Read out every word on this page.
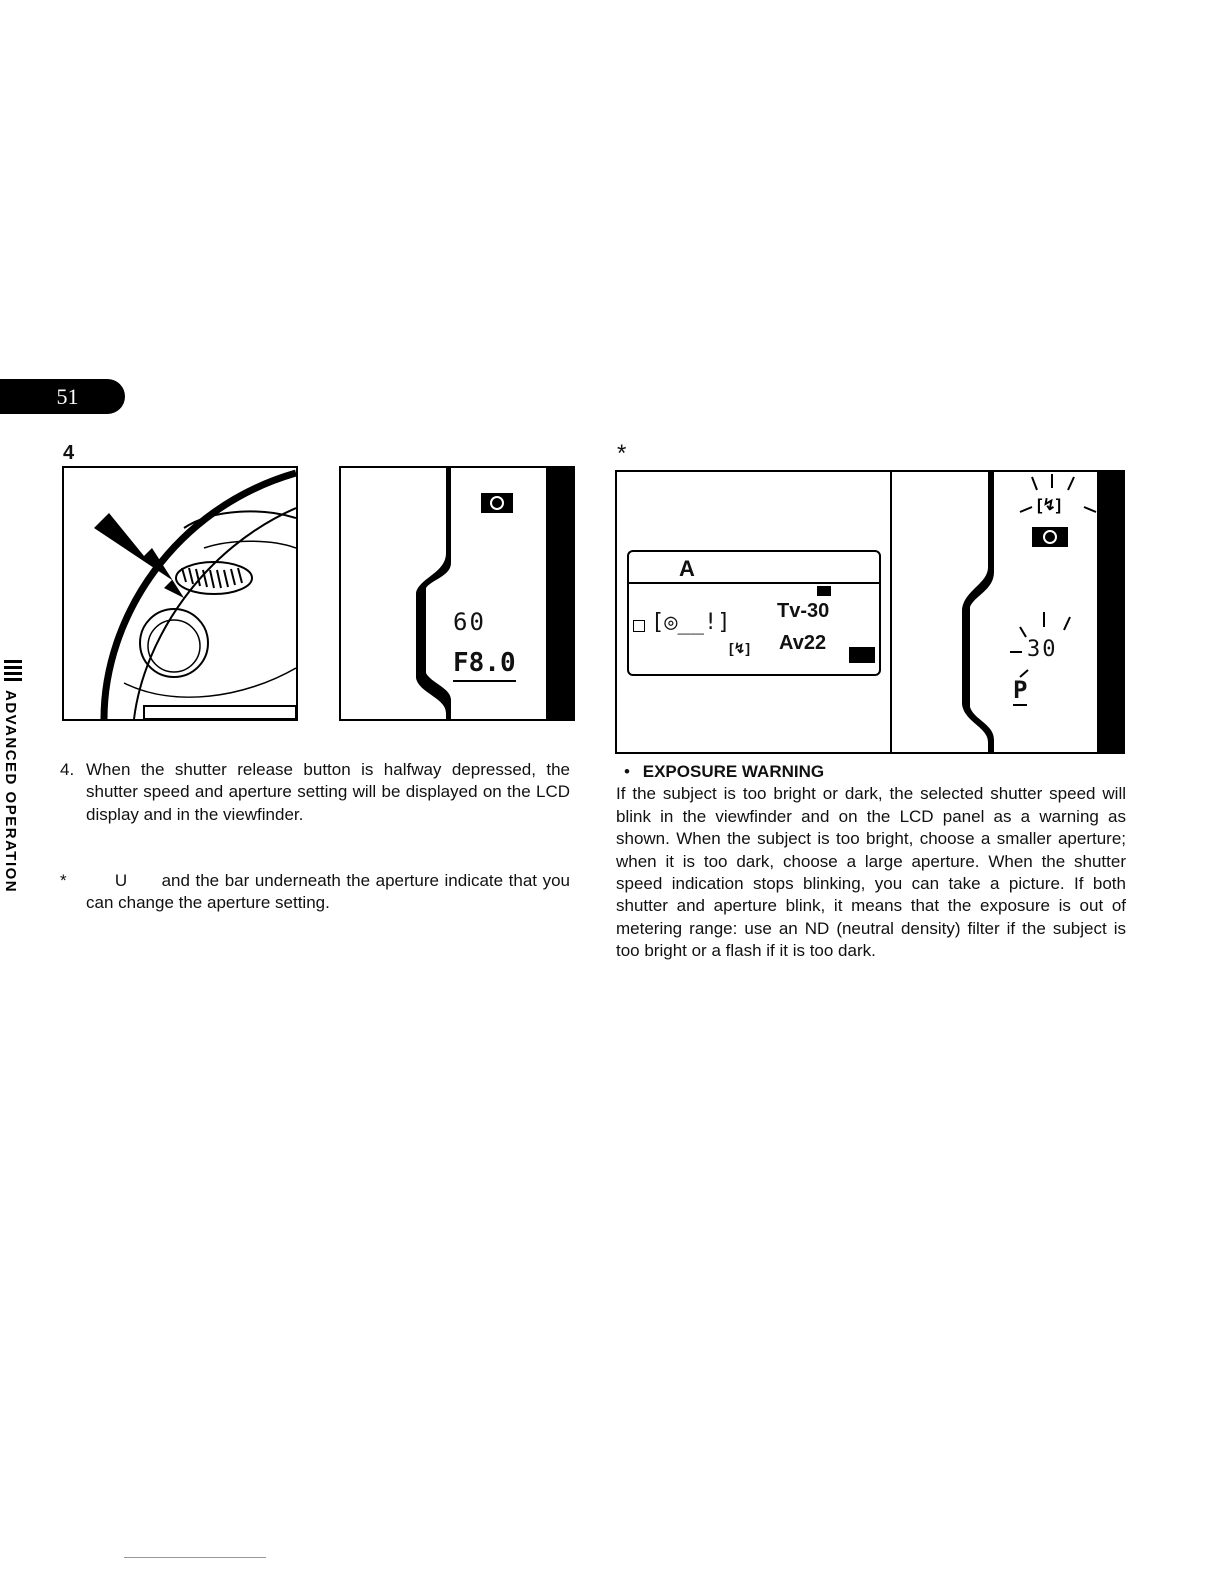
51
ADVANCED OPERATION
4	*
60
F8.0
A
[◎__!] Tv-30
Av22
[↯]
[↯]
30
P
4. When the shutter release button is halfway depressed, the shutter speed and aperture setting will be displayed on the LCD display and in the viewfinder.
*	U and the bar underneath the aperture indicate that you can change the aperture setting.
• EXPOSURE WARNING
If the subject is too bright or dark, the selected shutter speed will blink in the viewfinder and on the LCD panel as a warning as shown. When the subject is too bright, choose a smaller aperture; when it is too dark, choose a large aperture. When the shutter speed indication stops blinking, you can take a picture. If both shutter and aperture blink, it means that the exposure is out of metering range: use an ND (neutral density) filter if the subject is too bright or a flash if it is too dark.
